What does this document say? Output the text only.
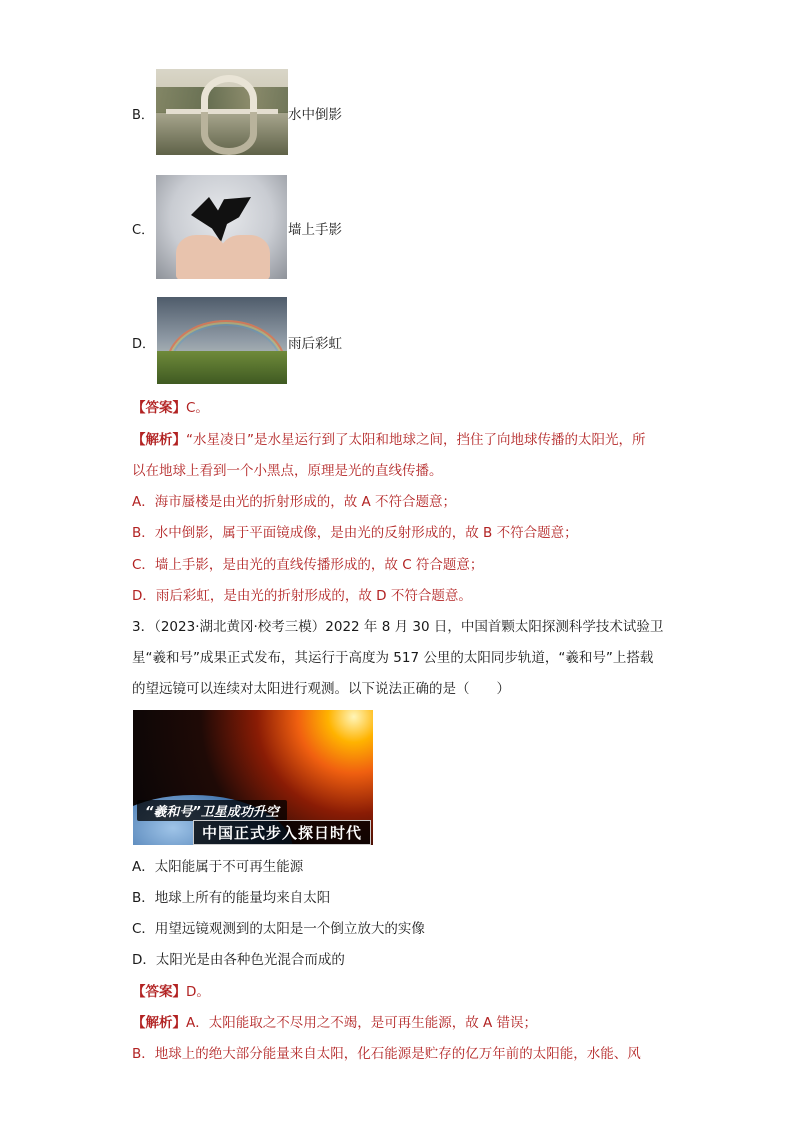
B．	水中倒影
C．	墙上手影
D．	雨后彩虹
【答案】C。
【解析】“水星凌日”是水星运行到了太阳和地球之间，挡住了向地球传播的太阳光，所
以在地球上看到一个小黑点，原理是光的直线传播。
A．海市蜃楼是由光的折射形成的，故 A 不符合题意；
B．水中倒影，属于平面镜成像，是由光的反射形成的，故 B 不符合题意；
C．墙上手影，是由光的直线传播形成的，故 C 符合题意；
D．雨后彩虹，是由光的折射形成的，故 D 不符合题意。
3．（2023·湖北黄冈·校考三模）2022 年 8 月 30 日，中国首颗太阳探测科学技术试验卫
星“羲和号”成果正式发布，其运行于高度为 517 公里的太阳同步轨道，“羲和号”上搭载
的望远镜可以连续对太阳进行观测。以下说法正确的是（　　）
“羲和号”卫星成功升空
中国正式步入探日时代
A．太阳能属于不可再生能源
B．地球上所有的能量均来自太阳
C．用望远镜观测到的太阳是一个倒立放大的实像
D．太阳光是由各种色光混合而成的
【答案】D。
【解析】A．太阳能取之不尽用之不竭，是可再生能源，故 A 错误；
B．地球上的绝大部分能量来自太阳，化石能源是贮存的亿万年前的太阳能，水能、风
